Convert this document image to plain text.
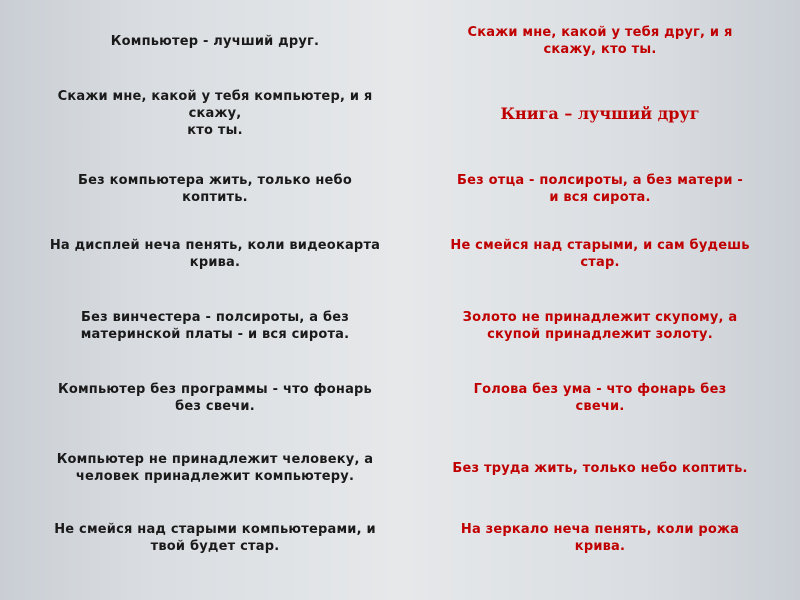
Компьютер - лучший друг.
Скажи мне, какой у тебя компьютер, и я
скажу,
кто ты.
Без компьютера жить, только небо
коптить.
На дисплей неча пенять, коли видеокарта
крива.
Без винчестера - полсироты, а без
материнской платы - и вся сирота.
Компьютер без программы - что фонарь
без свечи.
Компьютер не принадлежит человеку, а
человек принадлежит компьютеру.
Не смейся над старыми компьютерами, и
твой будет стар.
Скажи мне, какой у тебя друг, и я
скажу, кто ты.
Книга – лучший друг
Без отца - полсироты, а без матери -
и вся сирота.
Не смейся над старыми, и сам будешь
стар.
Золото не принадлежит скупому, а
скупой принадлежит золоту.
Голова без ума - что фонарь без
свечи.
Без труда жить, только небо коптить.
На зеркало неча пенять, коли рожа
крива.
